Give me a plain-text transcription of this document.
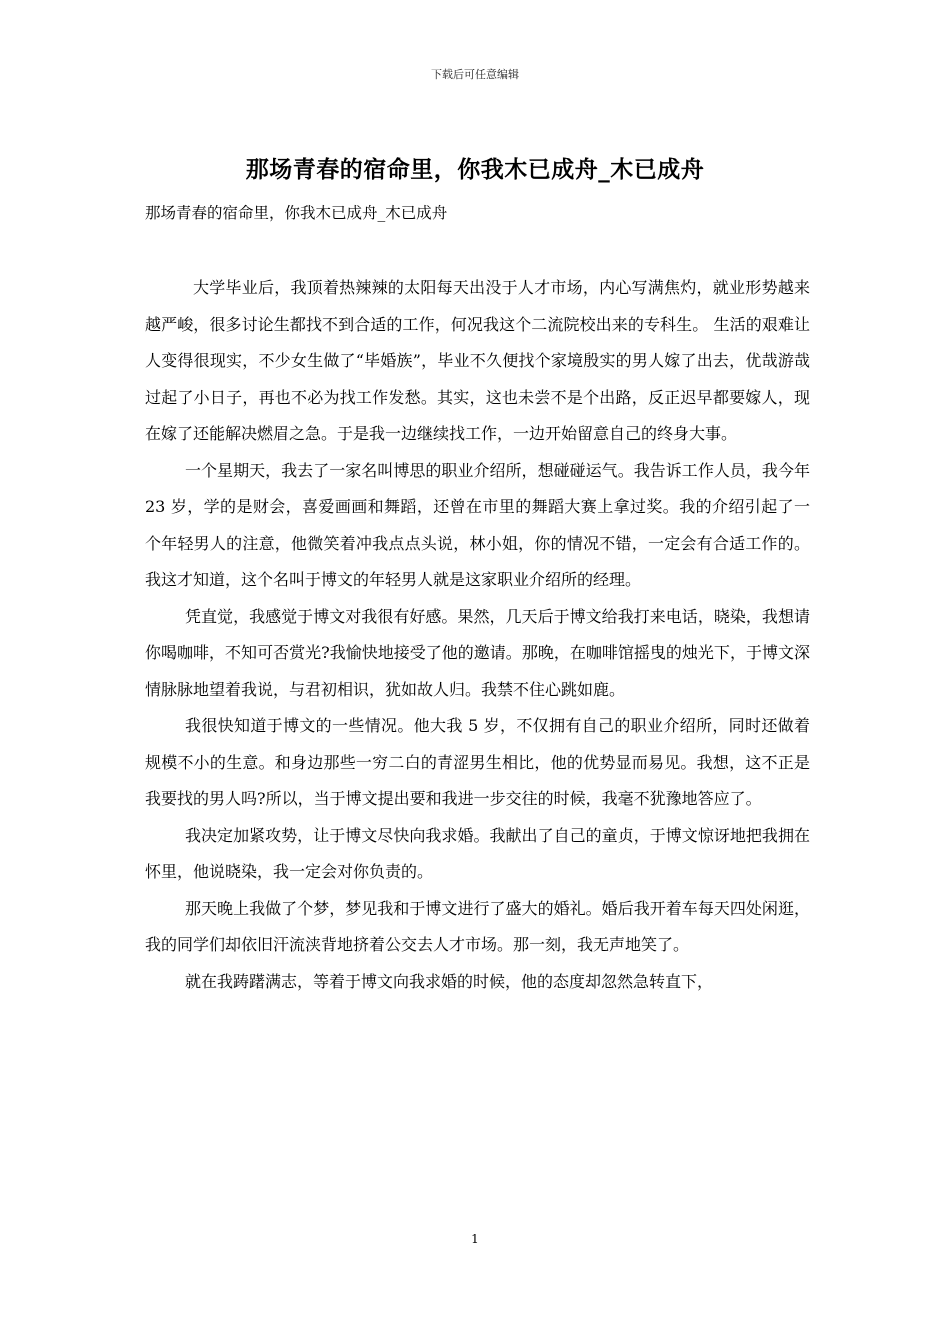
下载后可任意编辑
那场青春的宿命里，你我木已成舟_木已成舟
那场青春的宿命里，你我木已成舟_木已成舟

大学毕业后，我顶着热辣辣的太阳每天出没于人才市场，内心写满焦灼，就业形势越来越严峻，很多讨论生都找不到合适的工作，何况我这个二流院校出来的专科生。 生活的艰难让人变得很现实，不少女生做了“毕婚族”，毕业不久便找个家境殷实的男人嫁了出去，优哉游哉过起了小日子，再也不必为找工作发愁。其实，这也未尝不是个出路，反正迟早都要嫁人，现在嫁了还能解决燃眉之急。于是我一边继续找工作，一边开始留意自己的终身大事。

一个星期天，我去了一家名叫博思的职业介绍所，想碰碰运气。我告诉工作人员，我今年 23 岁，学的是财会，喜爱画画和舞蹈，还曾在市里的舞蹈大赛上拿过奖。我的介绍引起了一个年轻男人的注意，他微笑着冲我点点头说，林小姐，你的情况不错，一定会有合适工作的。我这才知道，这个名叫于博文的年轻男人就是这家职业介绍所的经理。

凭直觉，我感觉于博文对我很有好感。果然，几天后于博文给我打来电话，晓染，我想请你喝咖啡，不知可否赏光?我愉快地接受了他的邀请。那晚，在咖啡馆摇曳的烛光下，于博文深情脉脉地望着我说，与君初相识，犹如故人归。我禁不住心跳如鹿。

我很快知道于博文的一些情况。他大我 5 岁，不仅拥有自己的职业介绍所，同时还做着规模不小的生意。和身边那些一穷二白的青涩男生相比，他的优势显而易见。我想，这不正是我要找的男人吗?所以，当于博文提出要和我进一步交往的时候，我毫不犹豫地答应了。

我决定加紧攻势，让于博文尽快向我求婚。我献出了自己的童贞，于博文惊讶地把我拥在怀里，他说晓染，我一定会对你负责的。

那天晚上我做了个梦，梦见我和于博文进行了盛大的婚礼。婚后我开着车每天四处闲逛，我的同学们却依旧汗流浃背地挤着公交去人才市场。那一刻，我无声地笑了。

就在我踌躇满志，等着于博文向我求婚的时候，他的态度却忽然急转直下，

1
